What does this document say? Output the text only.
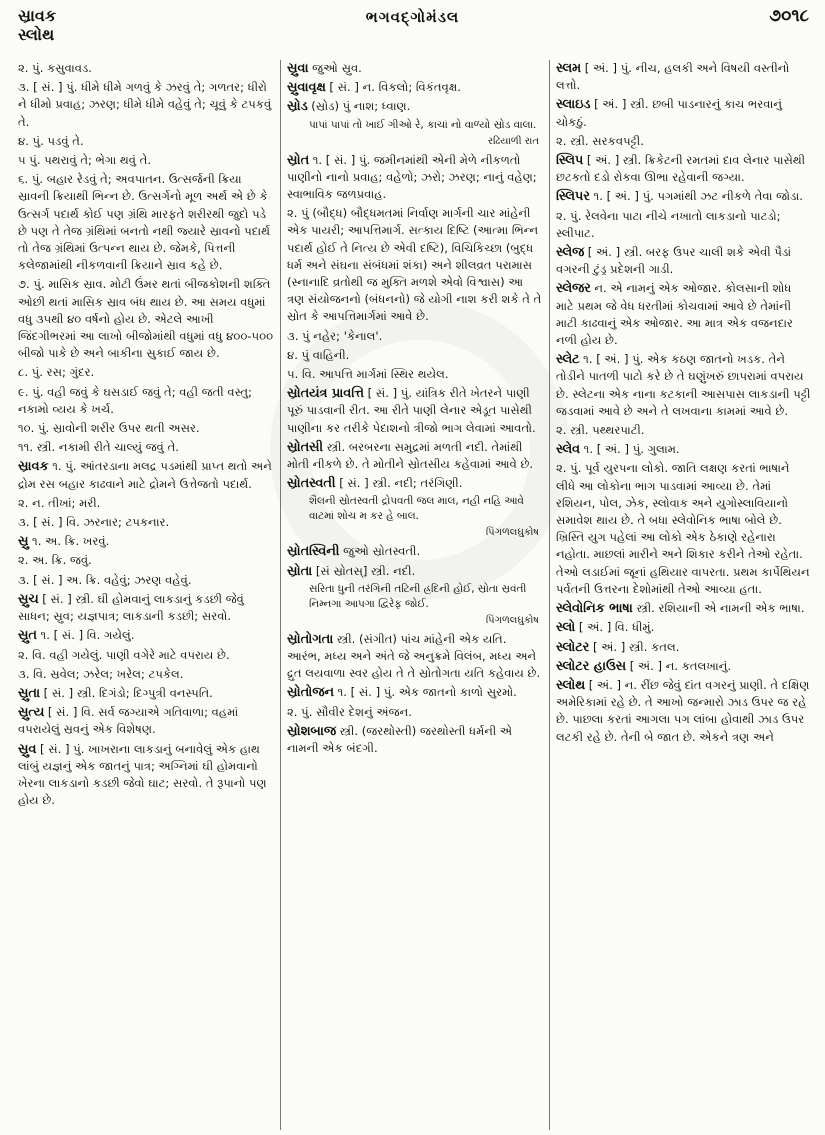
સ્રાવક
સ્લોથ
ભગવદ્ગોમંડલ	૭૦૧૮
૨. પું. કસુવાવડ.
૩. [ સં. ] પું. ધીમે ધીમે ગળવું કે ઝરવું તે; ગળતર; ધીરો ને ધીમો પ્રવાહ; ઝરણ; ધીમે ધીમે વહેવું તે; ચૂવું કે ટપકવું તે.
૪. પું. પડવું તે.
૫ પું. પથરાવું તે; ભેગા થવું તે.
૬. પું. બહાર રેડવું તે; અવપાતન. ઉત્સર્જની ક્રિયા સ્રાવની ક્રિયાથી ભિન્ન છે. ઉત્સર્ગનો મૂળ અર્થ એ છે કે ઉત્સર્ગ પદાર્થ કોઈ પણ ગ્રંથિ મારફતે શરીરથી જુદો પડે છે પણ તે તેજ ગ્રંથિમાં બનતો નથી જ્યારે સ્રાવનો પદાર્થ તો તેજ ગ્રંથિમાં ઉત્પન્ન થાય છે. જેમકે, પિત્તની કલેજામાંથી નીકળવાની ક્રિયાને સ્રાવ કહે છે.
૭. પું. માસિક સ્રાવ. મોટી ઉંમર થતાં બીજકોશની શક્તિ ઓછી થતાં માસિક સ્રાવ બંધ થાય છે. આ સમય વધુમાં વધુ ૩૫થી ૪૦ વર્ષનો હોય છે. એટલે આખી જિંદગીભરમાં આ લાખો બીજોમાંથી વધુમાં વધુ ૪૦૦-૫૦૦ બીજો પાકે છે અને બાકીના સુકાઈ જાય છે.
૮. પું. રસ; ગુંદર.
૯. પું. વહી જવું કે ઘસડાઈ જવું તે; વહી જતી વસ્તુ; નકામો વ્યય કે ખર્ચ.
૧૦. પું. સ્રાવોની શરીર ઉપર થતી અસર.
૧૧. સ્ત્રી. નકામી રીતે ચાલ્યું જવું તે.
સ્રાવક ૧. પું. આંતરડાના મલદ્ર પડમાંથી પ્રાપ્ત થતો અને દ્રોમ રસ બહાર કાઢવાને માટે દ્રોમને ઉત્તેજતો પદાર્થ.
૨. ન. તીખાં; મરી.
૩. [ સં. ] વિ. ઝરનાર; ટપકનાર.
સ્રુ ૧. અ. ક્રિ. ખરવું.
૨. અ. ક્રિ. જવું.
૩. [ સં. ] અ. ક્રિ. વહેવું; ઝરણ વહેવું.
સ્રુચ [ સં. ] સ્ત્રી. ઘી હોમવાનું લાકડાનું કડછી જેવું સાધન; સ્રુવ; યજ્ઞપાત્ર; લાકડાની કડછી; સરવો.
સ્રુત ૧. [ સં. ] વિ. ગયેલું.
૨. વિ. વહી ગયેલું. પાણી વગેરે માટે વપરાય છે.
૩. વિ. સ્રવેલ; ઝરેલ; ખરેલ; ટપકેલ.
સ્રુતા [ સં. ] સ્ત્રી. દિગંડો; દિગ્પુત્રી વનસ્પતિ.
સ્રુત્ય [ સં. ] વિ. સર્વ જગ્યાએ ગતિવાળા; વહમાં વપરાયેલું સ્રવનું એક વિશેષણ.
સ્રુવ [ સં. ] પું. ખાખરાના લાકડાનું બનાવેલું એક હાથ લાંબું યજ્ઞનું એક જાતનું પાત્ર; અગ્નિમાં ઘી હોમવાનો ખેરના લાકડાનો કડછી જેવો ઘાટ; સરવો. તે રૂપાનો પણ હોય છે.
સ્રુવા જુઓ સ્રુવ.
સ્રુવાવૃક્ષ [ સં. ] ન. વિકલો; વિકંતવૃક્ષ.
સ્રોડ (સ્રોડ) પું નાશ; ધ્વાણ.
પાપાં પાપાં તો ખાઈ ગીઓ રે, કાચાં નો વાળ્યો સ્રોડ વાલા.
રઢિયાળી રાત
સ્રોત ૧. [ સં. ] પું. જમીનમાંથી એની મેળે નીકળતો પાણીનો નાનો પ્રવાહ; વહેળો; ઝરો; ઝરણ; નાનું વહેણ; સ્વાભાવિક જળપ્રવાહ.
૨. પું (બૌદ્ધ) બૌદ્ધમતમાં નિર્વાણ માર્ગની ચાર માંહેની એક પાયરી; આપત્તિમાર્ગ. સત્કાય દિષ્ટિ (આત્મા ભિન્ન પદાર્થ હોઈ તે નિત્ય છે એવી દષ્ટિ), વિચિકિચ્છા (બુદ્ધ ધર્મ અને સંઘના સંબંધમાં શંકા) અને શીલવ્રત પરામાસ (સ્નાનાદિ વ્રતોથી જ મુક્તિ મળશે એવો વિશ્વાસ) આ ત્રણ સંયોજનનો (બંધનનો) જે યોગી નાશ કરી શકે તે તે સ્રોત કે આપત્તિમાર્ગમાં આવે છે.
૩. પું નહેર; 'કેનાલ'.
૪. પું વાહિની.
૫. વિ. આપત્તિ માર્ગમાં સ્થિર થયેલ.
સ્રોતયંત્ર પ્રાવત્તિ [ સં. ] પું. યાંત્રિક રીતે ખેતરને પાણી પૂરું પાડવાની રીત. આ રીતે પાણી લેનાર એડૂત પાસેથી પાણીના કર તરીકે પેદાશનો ત્રીજો ભાગ લેવામાં આવતો.
સ્રોતસી સ્ત્રી. બરબરના સમુદ્રમાં મળતી નદી. તેમાંથી મોતી નીકળે છે. તે મોતીને સ્રોતસીય કહેવામાં આવે છે.
સ્રોતસ્વતી [ સં. ] સ્ત્રી. નદી; તરંગિણી.
શૈલની સ્રોતસ્વતી દ્રોપવતી જલ માલ, નહી નહિ આવે વાટમાં શોચ મ કર હે બાલ.
પિંગળલઘુકોષ
સ્રોતસ્વિની જુઓ સ્રોતસ્વતી.
સ્રોતા [સં સ્રોતસ્] સ્ત્રી. નદી.
સરિતા ધુની તરંગિની તટિની હ્રદિની હોઈ, સ્રોતા સ્રવંતી નિમ્નગા આપગા દ્વિરેફ જોઈ.
પિંગળલઘુકોષ
સ્રોતોગતા સ્ત્રી. (સંગીત) પાંચ માંહેની એક યતિ. આરંભ, મધ્ય અને અંતે જે અનુક્રમે વિલંબ, મધ્ય અને દ્રુત લયવાળા સ્વર હોય તે તે સ્રોતોગતા યતિ કહેવાય છે.
સ્રોતોજન ૧. [ સં. ] પું. એક જાતનો કાળો સુરમો.
૨. પું. સૌવીર દેશનું અંજન.
સ્રોશબાજ સ્ત્રી. (જરથોસ્તી) જરથોસ્તી ધર્મની એ નામની એક બંદગી.
સ્લમ [ અં. ] પું. નીચ, હલકી અને વિષયી વસ્તીનો લત્તો.
સ્લાઇડ [ અં. ] સ્ત્રી. છબી પાડનારનું કાચ ભરવાનું ચોકઠું.
૨. સ્ત્રી. સરકવપટ્ટી.
સ્લિપ [ અં. ] સ્ત્રી. ક્રિકેટની રમતમાં દાવ લેનાર પાસેથી છટકતો દડો રોકવા ઊભા રહેવાની જગ્યા.
સ્લિપર ૧. [ અં. ] પું. પગમાંથી ઝટ નીકળે તેવા જોડા.
૨. પું. રેલવેના પાટા નીચે નખાતો લાકડાનો પાટડો; સ્લીપાટ.
સ્લેજ [ અં. ] સ્ત્રી. બરફ ઉપર ચાલી શકે એવી પૈડાં વગરની ટુંડ્ર પ્રદેશની ગાડી.
સ્લેજર ન. એ નામનું એક ઓજાર. કોલસાની શોધ માટે પ્રથમ જે વેધ ધરતીમાં કોચવામાં આવે છે તેમાંની માટી કાઢવાનું એક ઓજાર. આ માત્ર એક વજનદાર નળી હોય છે.
સ્લેટ ૧. [ અં. ] પું. એક કઠણ જાતનો ખડક. તેને તોડીને પાતળી પાટો કરે છે તે ઘણુંખરું છાપરામાં વપરાય છે. સ્લેટના એક નાના કટકાની આસપાસ લાકડાની પટ્ટી જડવામાં આવે છે અને તે લખવાના કામમાં આવે છે.
૨. સ્ત્રી. પથ્થરપાટી.
સ્લેવ ૧. [ અં. ] પું. ગુલામ.
૨. પું. પૂર્વ યુરપના લોકો. જાતિ લક્ષણ કરતાં ભાષાને લીધે આ લોકોના ભાગ પાડવામાં આવ્યા છે. તેમાં રશિયન, પોલ, ઝેક, સ્લોવાક અને યુગોસ્લાવિયાનો સમાવેશ થાય છે. તે બધા સ્લેવોનિક ભાષા બોલે છે. ખ્રિસ્તિ યુગ પહેલાં આ લોકો એક ઠેકાણે રહેનારા નહોતા. માછલાં મારીને અને શિકાર કરીને તેઓ રહેતા. તેઓ લડાઈમાં જૂનાં હથિયાર વાપરતા. પ્રથમ કાર્પેથિયન પર્વતની ઉત્તરના દેશોમાંથી તેઓ આવ્યા હતા.
સ્લેવોનિક ભાષા સ્ત્રી. રશિયાની એ નામની એક ભાષા.
સ્લો [ અં. ] વિ. ધીમું.
સ્લોટર [ અં. ] સ્ત્રી. કતલ.
સ્લોટર હાઉસ [ અં. ] ન. કતલખાનું.
સ્લોથ [ અં. ] ન. રીંછ જેવું દાંત વગરનું પ્રાણી. તે દક્ષિણ અમેરિકામાં રહે છે. તે આખો જન્મારો ઝાડ ઉપર જ રહે છે. પાછલા કરતાં આગલા પગ લાંબા હોવાથી ઝાડ ઉપર લટકી રહે છે. તેની બે જાત છે. એકને ત્રણ અને
